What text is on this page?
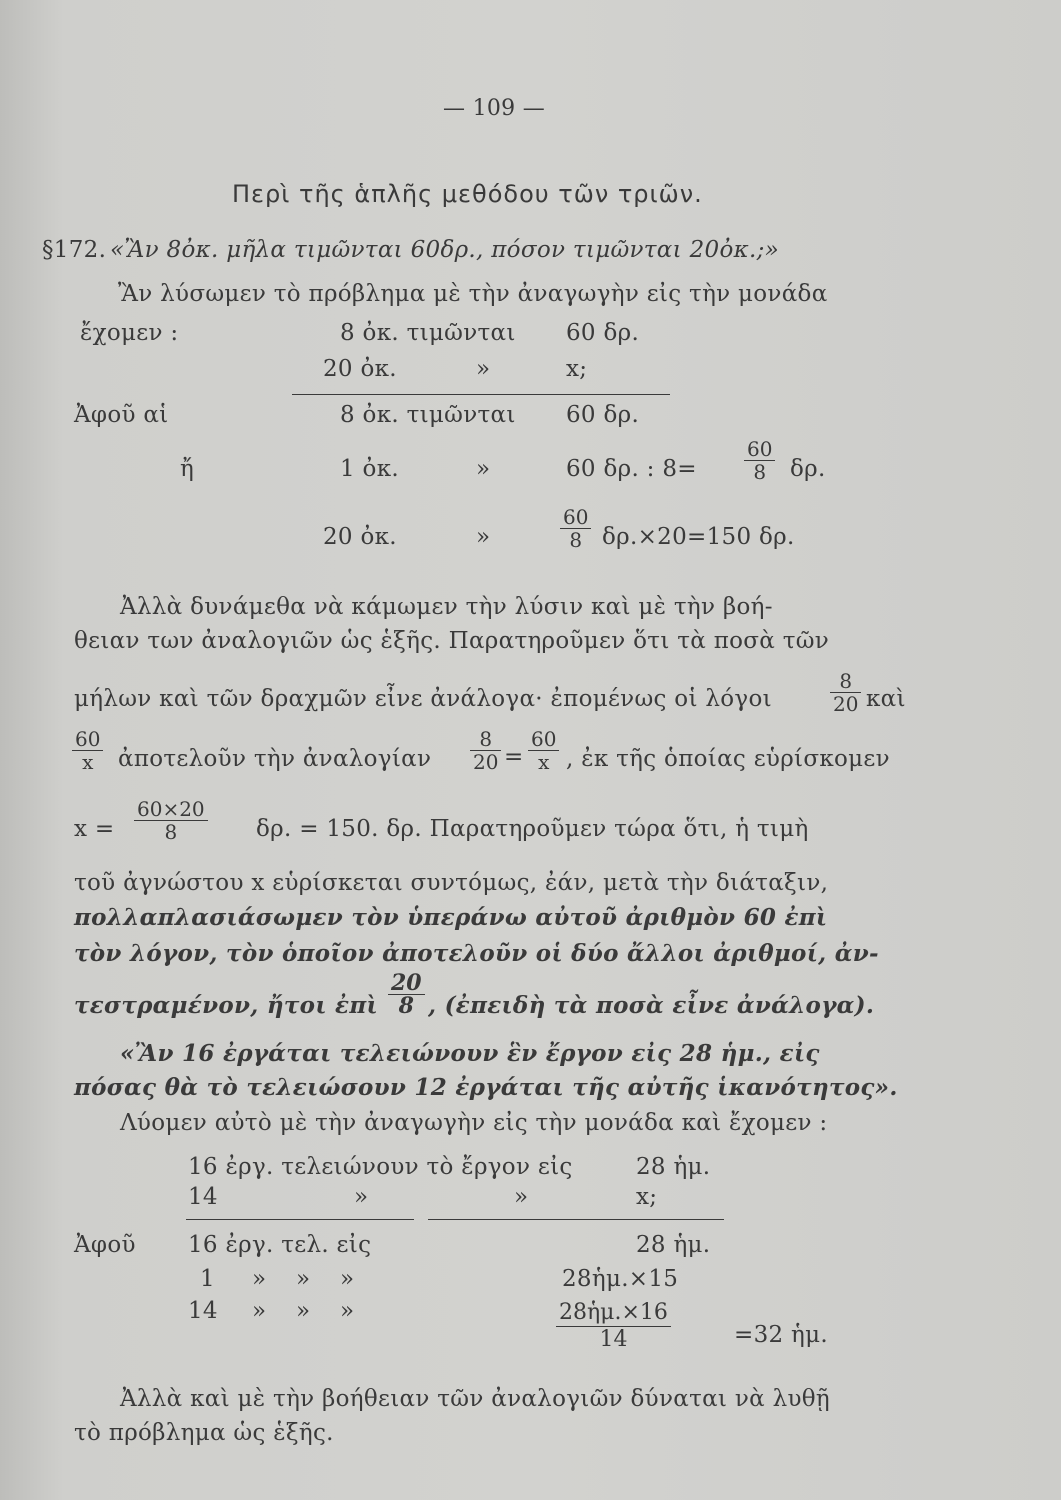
— 109 —
Περὶ τῆς ἁπλῆς μεθόδου τῶν τριῶν.
§172. «Ἂν 8ὀκ. μῆλα τιμῶνται 60δρ., πόσον τιμῶνται 20ὀκ.;»
Ἂν λύσωμεν τὸ πρόβλημα μὲ τὴν ἀναγωγὴν εἰς τὴν μονάδα
ἔχομεν :	8 ὀκ. τιμῶνται 60 δρ.
20 ὀκ.	»	x;
Ἀφοῦ αἱ	8 ὀκ. τιμῶνται 60 δρ.
ἤ	1 ὀκ.	»	60 δρ. : $8= \frac{60}{8} \delta\rho$.
20 ὀκ.	»	$\frac{60}{8} \delta\rho.\times 20=150$ δρ.
Ἀλλὰ δυνάμεθα νὰ κάμωμεν τὴν λύσιν καὶ μὲ τὴν βοή-
θειαν των ἀναλογιῶν ὡς ἑξῆς. Παρατηροῦμεν ὅτι τὰ ποσὰ τῶν
μήλων καὶ τῶν δραχμῶν εἶνε ἀνάλογα· ἐπομένως οἱ λόγοι	$\frac{8}{20}$ καὶ
$\frac{60}{x}$ ἀποτελοῦν τὴν ἀναλογίαν $\frac{8}{20} = \frac{60}{x}$ , ἐκ τῆς ὁποίας εὑρίσκομεν
$x = \frac{60\times 20}{8} \delta\rho$. = 150. δρ. Παρατηροῦμεν τώρα ὅτι, ἡ τιμὴ
τοῦ ἀγνώστου x εὑρίσκεται συντόμως, ἐάν, μετὰ τὴν διάταξιν,
πολλαπλασιάσωμεν τὸν ὑπεράνω αὐτοῦ ἀριθμὸν 60 ἐπὶ
τὸν λόγον, τὸν ὁποῖον ἀποτελοῦν οἱ δύο ἄλλοι ἀριθμοί, ἀν-
τεστραμένον, ἤτοι ἐπὶ $\frac{20}{8}$ , (ἐπειδὴ τὰ ποσὰ εἶνε ἀνάλογα).
«Ἂν 16 ἐργάται τελειώνουν ἓν ἔργον εἰς 28 ἡμ., εἰς
πόσας θὰ τὸ τελειώσουν 12 ἐργάται τῆς αὐτῆς ἱκανότητος».
Λύομεν αὐτὸ μὲ τὴν ἀναγωγὴν εἰς τὴν μονάδα καὶ ἔχομεν :
16 ἐργ. τελειώνουν τὸ ἔργον εἰς	28 ἡμ.
14	»	»	x;
Ἀφοῦ 16 ἐργ. τελ. εἰς	28 ἡμ.
1 » » »	28ἡμ.×15
14 » » »	$\frac{\text{28ἡμ.×16}}{14}$	=32 ἡμ.
Ἀλλὰ καὶ μὲ τὴν βοήθειαν τῶν ἀναλογιῶν δύναται νὰ λυθῇ
τὸ πρόβλημα ὡς ἑξῆς.
